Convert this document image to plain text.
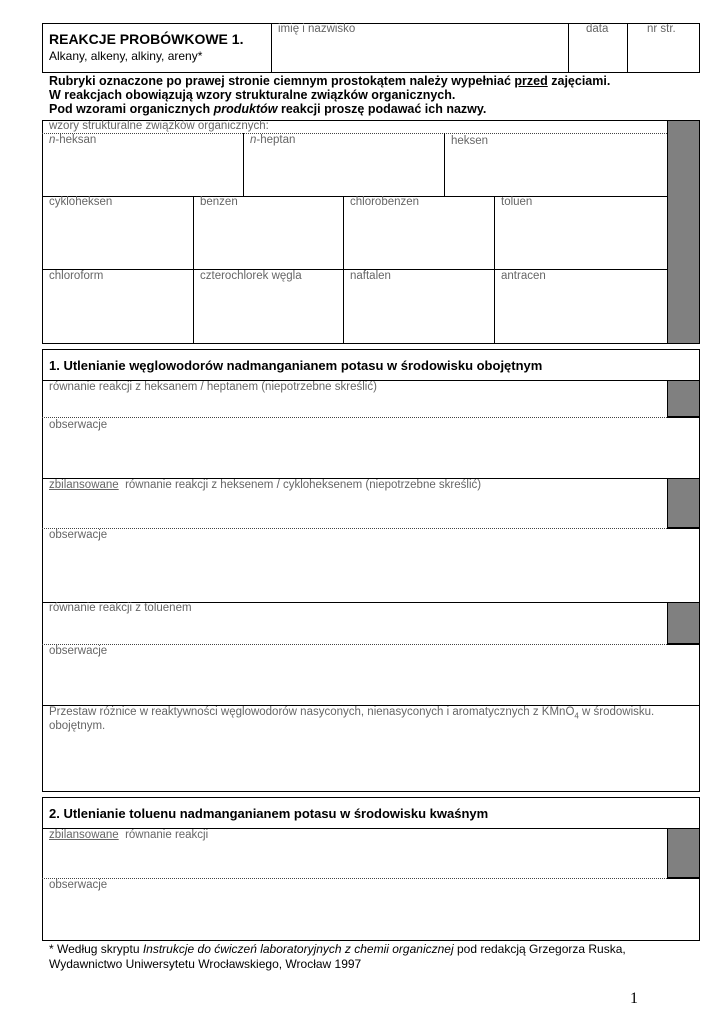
REAKCJE PROBÓWKOWE 1.
Alkany, alkeny, alkiny, areny*
imię i nazwisko	data	nr str.
Rubryki oznaczone po prawej stronie ciemnym prostokątem należy wypełniać przed zajęciami.
W reakcjach obowiązują wzory strukturalne związków organicznych.
Pod wzorami organicznych produktów reakcji proszę podawać ich nazwy.
wzory strukturalne związków organicznych:
n-heksan	n-heptan	heksen
cykloheksen	benzen	chlorobenzen	toluen
chloroform	czterochlorek węgla	naftalen	antracen
1. Utlenianie węglowodorów nadmanganianem potasu w środowisku obojętnym
równanie reakcji z heksanem / heptanem (niepotrzebne skreślić)
obserwacje
zbilansowane  równanie reakcji z heksenem / cykloheksenem (niepotrzebne skreślić)
obserwacje
równanie reakcji z toluenem
obserwacje
Przestaw różnice w reaktywności węglowodorów nasyconych, nienasyconych i aromatycznych z KMnO$_4$ w środowisku.
obojętnym.
2. Utlenianie toluenu nadmanganianem potasu w środowisku kwaśnym
zbilansowane  równanie reakcji
obserwacje
* Według skryptu Instrukcje do ćwiczeń laboratoryjnych z chemii organicznej pod redakcją Grzegorza Ruska,
Wydawnictwo Uniwersytetu Wrocławskiego, Wrocław 1997
1
